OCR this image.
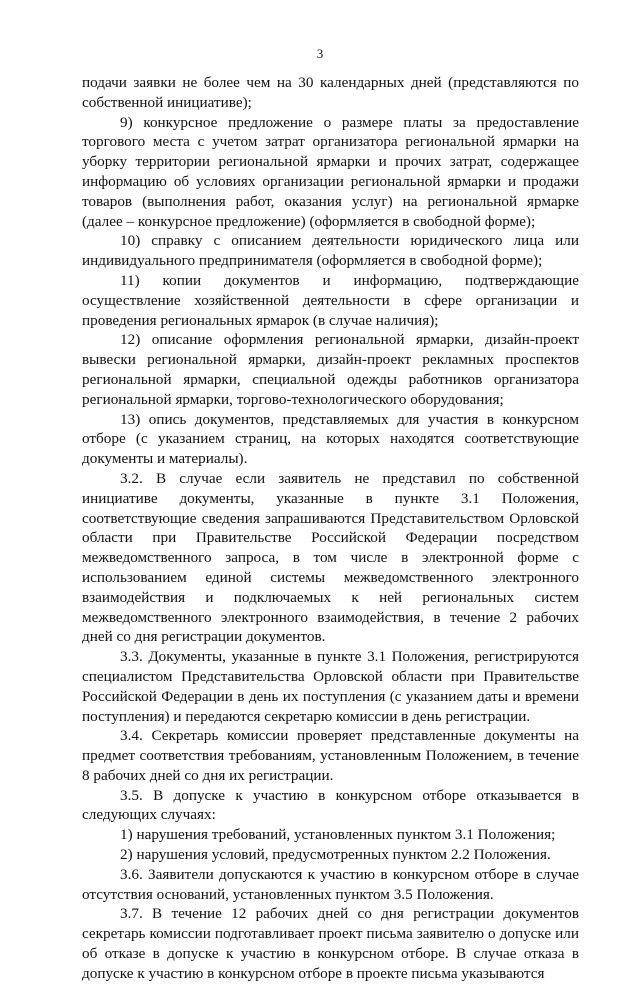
3

подачи заявки не более чем на 30 календарных дней (представляются по собственной инициативе);

9) конкурсное предложение о размере платы за предоставление торгового места с учетом затрат организатора региональной ярмарки на уборку территории региональной ярмарки и прочих затрат, содержащее информацию об условиях организации региональной ярмарки и продажи товаров (выполнения работ, оказания услуг) на региональной ярмарке (далее – конкурсное предложение) (оформляется в свободной форме);

10) справку с описанием деятельности юридического лица или индивидуального предпринимателя (оформляется в свободной форме);

11) копии документов и информацию, подтверждающие осуществление хозяйственной деятельности в сфере организации и проведения региональных ярмарок (в случае наличия);

12) описание оформления региональной ярмарки, дизайн-проект вывески региональной ярмарки, дизайн-проект рекламных проспектов региональной ярмарки, специальной одежды работников организатора региональной ярмарки, торгово-технологического оборудования;

13) опись документов, представляемых для участия в конкурсном отборе (с указанием страниц, на которых находятся соответствующие документы и материалы).

3.2. В случае если заявитель не представил по собственной инициативе документы, указанные в пункте 3.1 Положения, соответствующие сведения запрашиваются Представительством Орловской области при Правительстве Российской Федерации посредством межведомственного запроса, в том числе в электронной форме с использованием единой системы межведомственного электронного взаимодействия и подключаемых к ней региональных систем межведомственного электронного взаимодействия, в течение 2 рабочих дней со дня регистрации документов.

3.3. Документы, указанные в пункте 3.1 Положения, регистрируются специалистом Представительства Орловской области при Правительстве Российской Федерации в день их поступления (с указанием даты и времени поступления) и передаются секретарю комиссии в день регистрации.

3.4. Секретарь комиссии проверяет представленные документы на предмет соответствия требованиям, установленным Положением, в течение 8 рабочих дней со дня их регистрации.

3.5. В допуске к участию в конкурсном отборе отказывается в следующих случаях:

1) нарушения требований, установленных пунктом 3.1 Положения;

2) нарушения условий, предусмотренных пунктом 2.2 Положения.

3.6. Заявители допускаются к участию в конкурсном отборе в случае отсутствия оснований, установленных пунктом 3.5 Положения.

3.7. В течение 12 рабочих дней со дня регистрации документов секретарь комиссии подготавливает проект письма заявителю о допуске или об отказе в допуске к участию в конкурсном отборе. В случае отказа в допуске к участию в конкурсном отборе в проекте письма указываются
